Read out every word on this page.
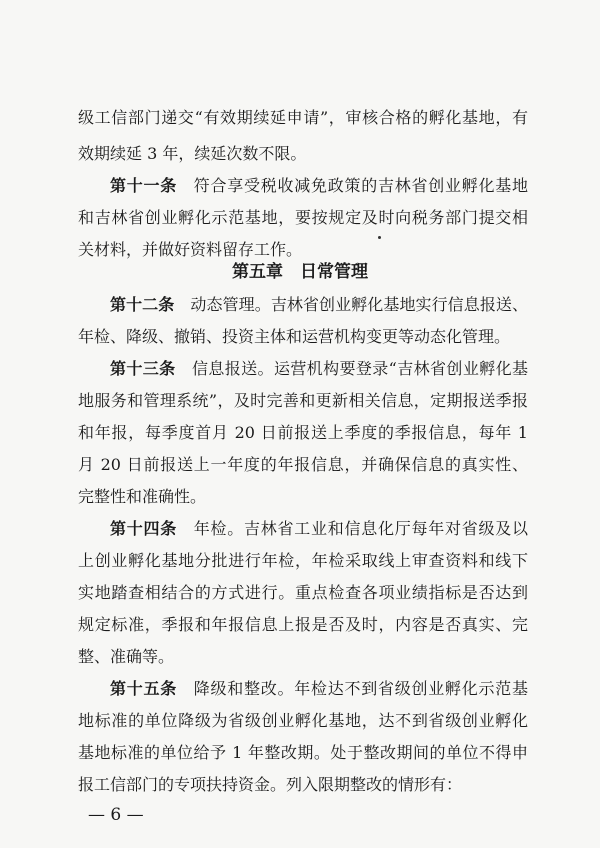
级工信部门递交“有效期续延申请”，审核合格的孵化基地，有
效期续延 3 年，续延次数不限。
第十一条　 符合享受税收减免政策的吉林省创业孵化基地
和吉林省创业孵化示范基地，要按规定及时向税务部门提交相
关材料，并做好资料留存工作。
第五章　日常管理
第十二条　 动态管理。吉林省创业孵化基地实行信息报送、
年检、降级、撤销、投资主体和运营机构变更等动态化管理。
第十三条　 信息报送。运营机构要登录“吉林省创业孵化基
地服务和管理系统”，及时完善和更新相关信息，定期报送季报
和年报，每季度首月 20 日前报送上季度的季报信息，每年 1
月 20 日前报送上一年度的年报信息，并确保信息的真实性、
完整性和准确性。
第十四条　 年检。吉林省工业和信息化厅每年对省级及以
上创业孵化基地分批进行年检，年检采取线上审查资料和线下
实地踏查相结合的方式进行。重点检查各项业绩指标是否达到
规定标准，季报和年报信息上报是否及时，内容是否真实、完
整、准确等。
第十五条　 降级和整改。年检达不到省级创业孵化示范基
地标准的单位降级为省级创业孵化基地，达不到省级创业孵化
基地标准的单位给予 1 年整改期。处于整改期间的单位不得申
报工信部门的专项扶持资金。列入限期整改的情形有：
— 6 —
